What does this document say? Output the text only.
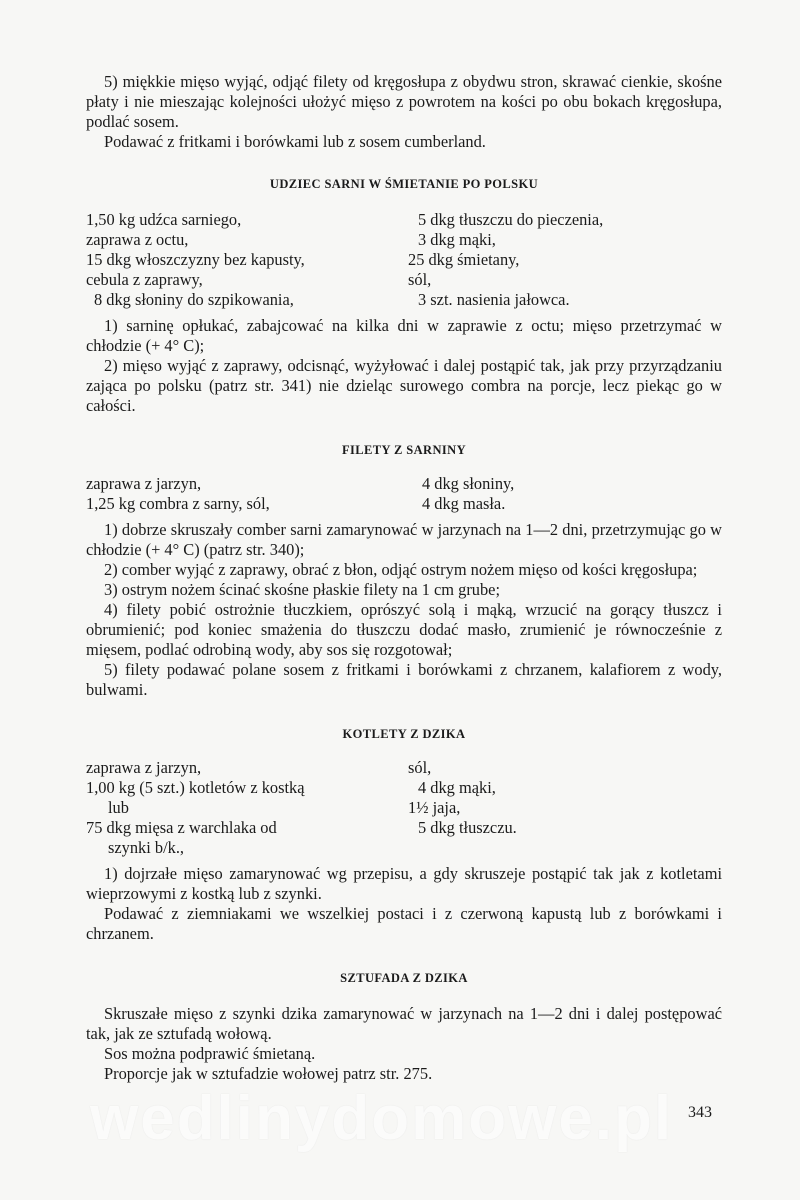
5) miękkie mięso wyjąć, odjąć filety od kręgosłupa z obydwu stron, skrawać cienkie, skośne płaty i nie mieszając kolejności ułożyć mięso z powrotem na kości po obu bokach kręgosłupa, podlać sosem.

Podawać z fritkami i borówkami lub z sosem cumberland.

UDZIEC SARNI W ŚMIETANIE PO POLSKU
1,50 kg udźca sarniego,
zaprawa z octu,
15 dkg włoszczyzny bez kapusty,
cebula z zaprawy,
8 dkg słoniny do szpikowania,
5 dkg tłuszczu do pieczenia,
3 dkg mąki,
25 dkg śmietany,
sól,
3 szt. nasienia jałowca.

1) sarninę opłukać, zabajcować na kilka dni w zaprawie z octu; mięso przetrzymać w chłodzie (+ 4° C);

2) mięso wyjąć z zaprawy, odcisnąć, wyżyłować i dalej postąpić tak, jak przy przyrządzaniu zająca po polsku (patrz str. 341) nie dzieląc surowego combra na porcje, lecz piekąc go w całości.

FILETY Z SARNINY
zaprawa z jarzyn,
1,25 kg combra z sarny, sól,
4 dkg słoniny,
4 dkg masła.

1) dobrze skruszały comber sarni zamarynować w jarzynach na 1—2 dni, przetrzymując go w chłodzie (+ 4° C) (patrz str. 340);

2) comber wyjąć z zaprawy, obrać z błon, odjąć ostrym nożem mięso od kości kręgosłupa;

3) ostrym nożem ścinać skośne płaskie filety na 1 cm grube;

4) filety pobić ostrożnie tłuczkiem, oprószyć solą i mąką, wrzucić na gorący tłuszcz i obrumienić; pod koniec smażenia do tłuszczu dodać masło, zrumienić je równocześnie z mięsem, podlać odrobiną wody, aby sos się rozgotował;

5) filety podawać polane sosem z fritkami i borówkami z chrzanem, kalafiorem z wody, bulwami.

KOTLETY Z DZIKA
zaprawa z jarzyn,
1,00 kg (5 szt.) kotletów z kostką
lub
75 dkg mięsa z warchlaka od
szynki b/k.,
sól,
4 dkg mąki,
1½ jaja,
5 dkg tłuszczu.

1) dojrzałe mięso zamarynować wg przepisu, a gdy skruszeje postąpić tak jak z kotletami wieprzowymi z kostką lub z szynki.

Podawać z ziemniakami we wszelkiej postaci i z czerwoną kapustą lub z borówkami i chrzanem.

SZTUFADA Z DZIKA

Skruszałe mięso z szynki dzika zamarynować w jarzynach na 1—2 dni i dalej postępować tak, jak ze sztufadą wołową.

Sos można podprawić śmietaną.

Proporcje jak w sztufadzie wołowej patrz str. 275.

wedlinydomowe.pl 343
